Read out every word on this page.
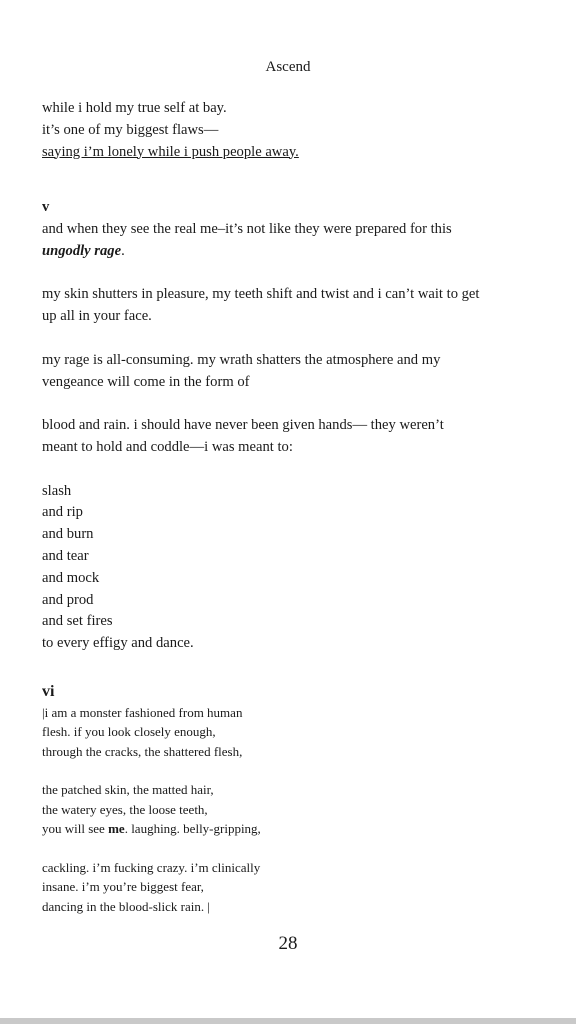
Ascend
while i hold my true self at bay.
it’s one of my biggest flaws—
saying i’m lonely while i push people away.
v
and when they see the real me–it’s not like they were prepared for this
ungodly rage.
my skin shutters in pleasure, my teeth shift and twist and i can’t wait to get
up all in your face.
my rage is all-consuming. my wrath shatters the atmosphere and my
vengeance will come in the form of
blood and rain. i should have never been given hands— they weren’t
meant to hold and coddle—i was meant to:
slash
and rip
and burn
and tear
and mock
and prod
and set fires
to every effigy and dance.
vi
|i am a monster fashioned from human
flesh. if you look closely enough,
through the cracks, the shattered flesh,
the patched skin, the matted hair,
the watery eyes, the loose teeth,
you will see me. laughing. belly-gripping,
cackling. i’m fucking crazy. i’m clinically
insane. i’m you’re biggest fear,
dancing in the blood-slick rain. |
28
